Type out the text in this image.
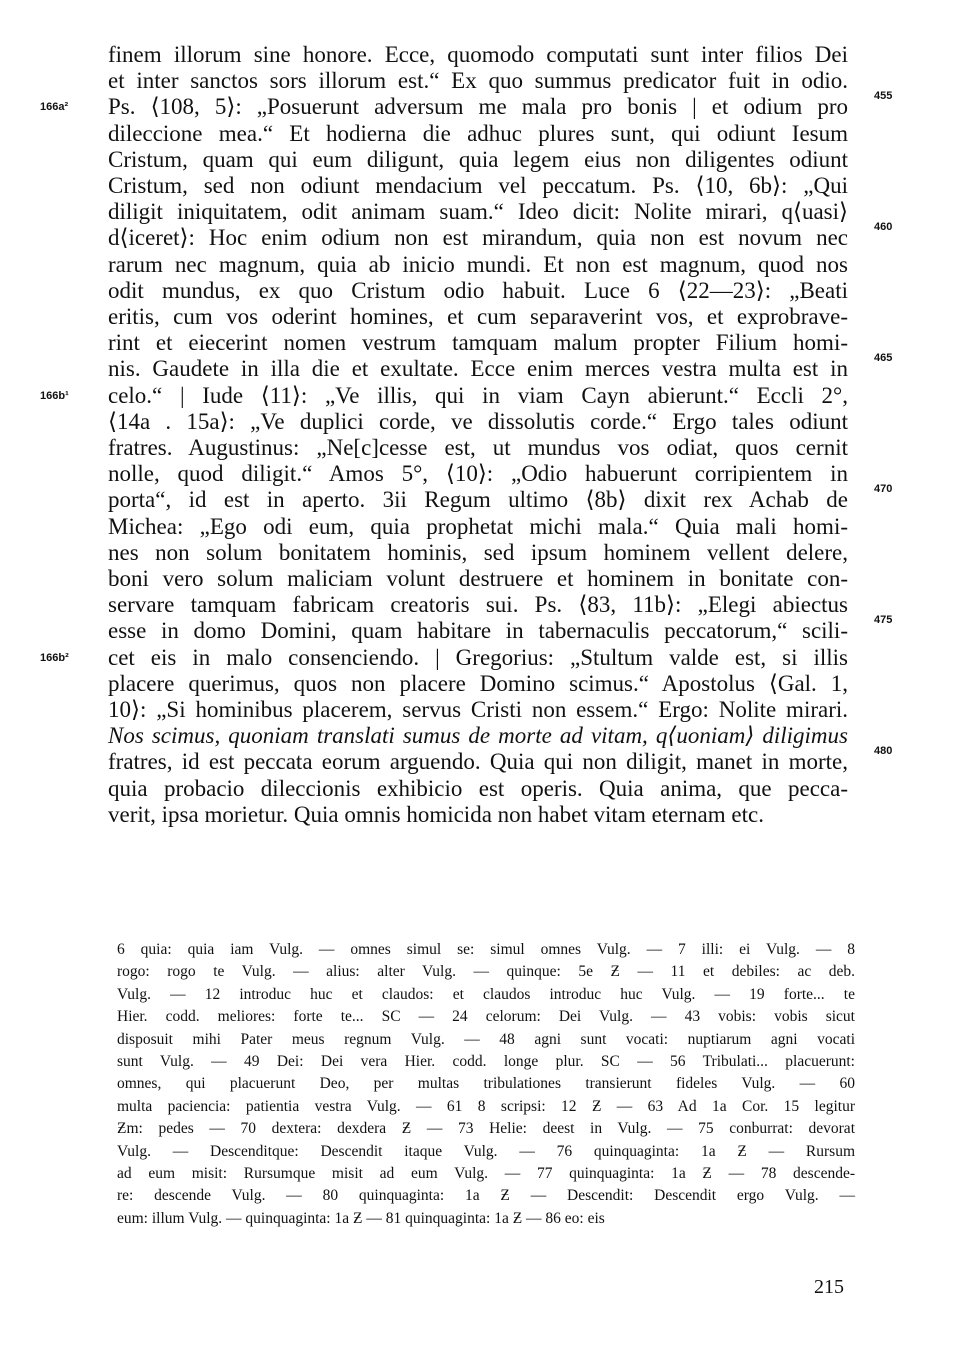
finem illorum sine honore. Ecce, quomodo computati sunt inter filios Dei
et inter sanctos sors illorum est.“ Ex quo summus predicator fuit in odio.
Ps. ⟨108, 5⟩: „Posuerunt adversum me mala pro bonis | et odium pro
dileccione mea.“ Et hodierna die adhuc plures sunt, qui odiunt Iesum
Cristum, quam qui eum diligunt, quia legem eius non diligentes odiunt
Cristum, sed non odiunt mendacium vel peccatum. Ps. ⟨10, 6b⟩: „Qui
diligit iniquitatem, odit animam suam.“ Ideo dicit: Nolite mirari, q⟨uasi⟩
d⟨iceret⟩: Hoc enim odium non est mirandum, quia non est novum nec
rarum nec magnum, quia ab inicio mundi. Et non est magnum, quod nos
odit mundus, ex quo Cristum odio habuit. Luce 6 ⟨22—23⟩: „Beati
eritis, cum vos oderint homines, et cum separaverint vos, et exprobrave-
rint et eiecerint nomen vestrum tamquam malum propter Filium homi-
nis. Gaudete in illa die et exultate. Ecce enim merces vestra multa est in
celo.“ | Iude ⟨11⟩: „Ve illis, qui in viam Cayn abierunt.“ Eccli 2°,
⟨14a . 15a⟩: „Ve duplici corde, ve dissolutis corde.“ Ergo tales odiunt
fratres. Augustinus: „Ne[c]cesse est, ut mundus vos odiat, quos cernit
nolle, quod diligit.“ Amos 5°, ⟨10⟩: „Odio habuerunt corripientem in
porta“, id est in aperto. 3ii Regum ultimo ⟨8b⟩ dixit rex Achab de
Michea: „Ego odi eum, quia prophetat michi mala.“ Quia mali homi-
nes non solum bonitatem hominis, sed ipsum hominem vellent delere,
boni vero solum maliciam volunt destruere et hominem in bonitate con-
servare tamquam fabricam creatoris sui. Ps. ⟨83, 11b⟩: „Elegi abiectus
esse in domo Domini, quam habitare in tabernaculis peccatorum,“ scili-
cet eis in malo consenciendo. | Gregorius: „Stultum valde est, si illis
placere querimus, quos non placere Domino scimus.“ Apostolus ⟨Gal. 1,
10⟩: „Si hominibus placerem, servus Cristi non essem.“ Ergo: Nolite mirari.
Nos scimus, quoniam translati sumus de morte ad vitam, q⟨uoniam⟩ diligimus
fratres, id est peccata eorum arguendo. Quia qui non diligit, manet in morte,
quia probacio dileccionis exhibicio est operis. Quia anima, que pecca-
verit, ipsa morietur. Quia omnis homicida non habet vitam eternam etc.
166a²
166b¹
166b²
455
460
465
470
475
480
6 quia: quia iam Vulg. — omnes simul se: simul omnes Vulg. — 7 illi: ei Vulg. — 8
rogo: rogo te Vulg. — alius: alter Vulg. — quinque: 5e Ƶ — 11 et debiles: ac deb.
Vulg. — 12 introduc huc et claudos: et claudos introduc huc Vulg. — 19 forte... te
Hier. codd. meliores: forte te... SC — 24 celorum: Dei Vulg. — 43 vobis: vobis sicut
disposuit mihi Pater meus regnum Vulg. — 48 agni sunt vocati: nuptiarum agni vocati
sunt Vulg. — 49 Dei: Dei vera Hier. codd. longe plur. SC — 56 Tribulati... placuerunt:
omnes, qui placuerunt Deo, per multas tribulationes transierunt fideles Vulg. — 60
multa paciencia: patientia vestra Vulg. — 61 8 scripsi: 12 Ƶ — 63 Ad 1a Cor. 15 legitur
Ƶm: pedes — 70 dextera: dexdera Ƶ — 73 Helie: deest in Vulg. — 75 conburrat: devorat
Vulg. — Descenditque: Descendit itaque Vulg. — 76 quinquaginta: 1a Ƶ — Rursum
ad eum misit: Rursumque misit ad eum Vulg. — 77 quinquaginta: 1a Ƶ — 78 descende-
re: descende Vulg. — 80 quinquaginta: 1a Ƶ — Descendit: Descendit ergo Vulg. —
eum: illum Vulg. — quinquaginta: 1a Ƶ — 81 quinquaginta: 1a Ƶ — 86 eo: eis
215
